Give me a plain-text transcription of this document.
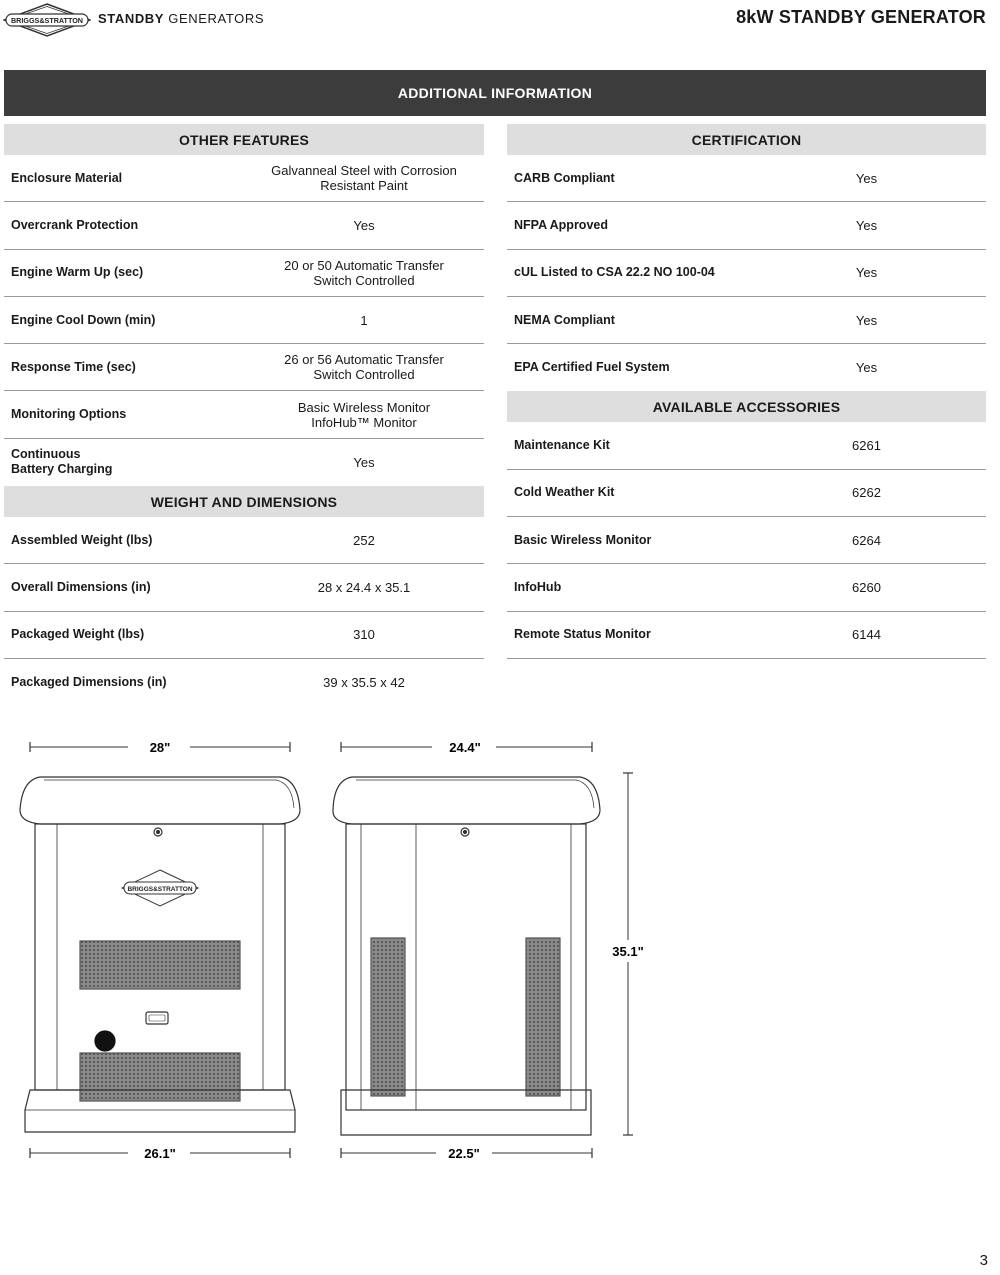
BRIGGS&STRATTON STANDBY GENERATORS	8kW STANDBY GENERATOR
ADDITIONAL INFORMATION
OTHER FEATURES
Enclosure Material	Galvanneal Steel with Corrosion
Resistant Paint
Overcrank Protection	Yes
Engine Warm Up (sec)	20 or 50 Automatic Transfer
Switch Controlled
Engine Cool Down (min)	1
Response Time (sec)	26 or 56 Automatic Transfer
Switch Controlled
Monitoring Options	Basic Wireless Monitor
InfoHub™ Monitor
Continuous
Battery Charging	Yes
WEIGHT AND DIMENSIONS
Assembled Weight (lbs)	252
Overall Dimensions (in)	28 x 24.4 x 35.1
Packaged Weight (lbs)	310
Packaged Dimensions (in)	39 x 35.5 x 42
CERTIFICATION
CARB Compliant	Yes
NFPA Approved	Yes
cUL Listed to CSA 22.2 NO 100-04	Yes
NEMA Compliant	Yes
EPA Certified Fuel System	Yes
AVAILABLE ACCESSORIES
Maintenance Kit	6261
Cold Weather Kit	6262
Basic Wireless Monitor	6264
InfoHub	6260
Remote Status Monitor	6144
BRIGGS&STRATTON
28"
26.1"
24.4"
22.5"
35.1"
3
